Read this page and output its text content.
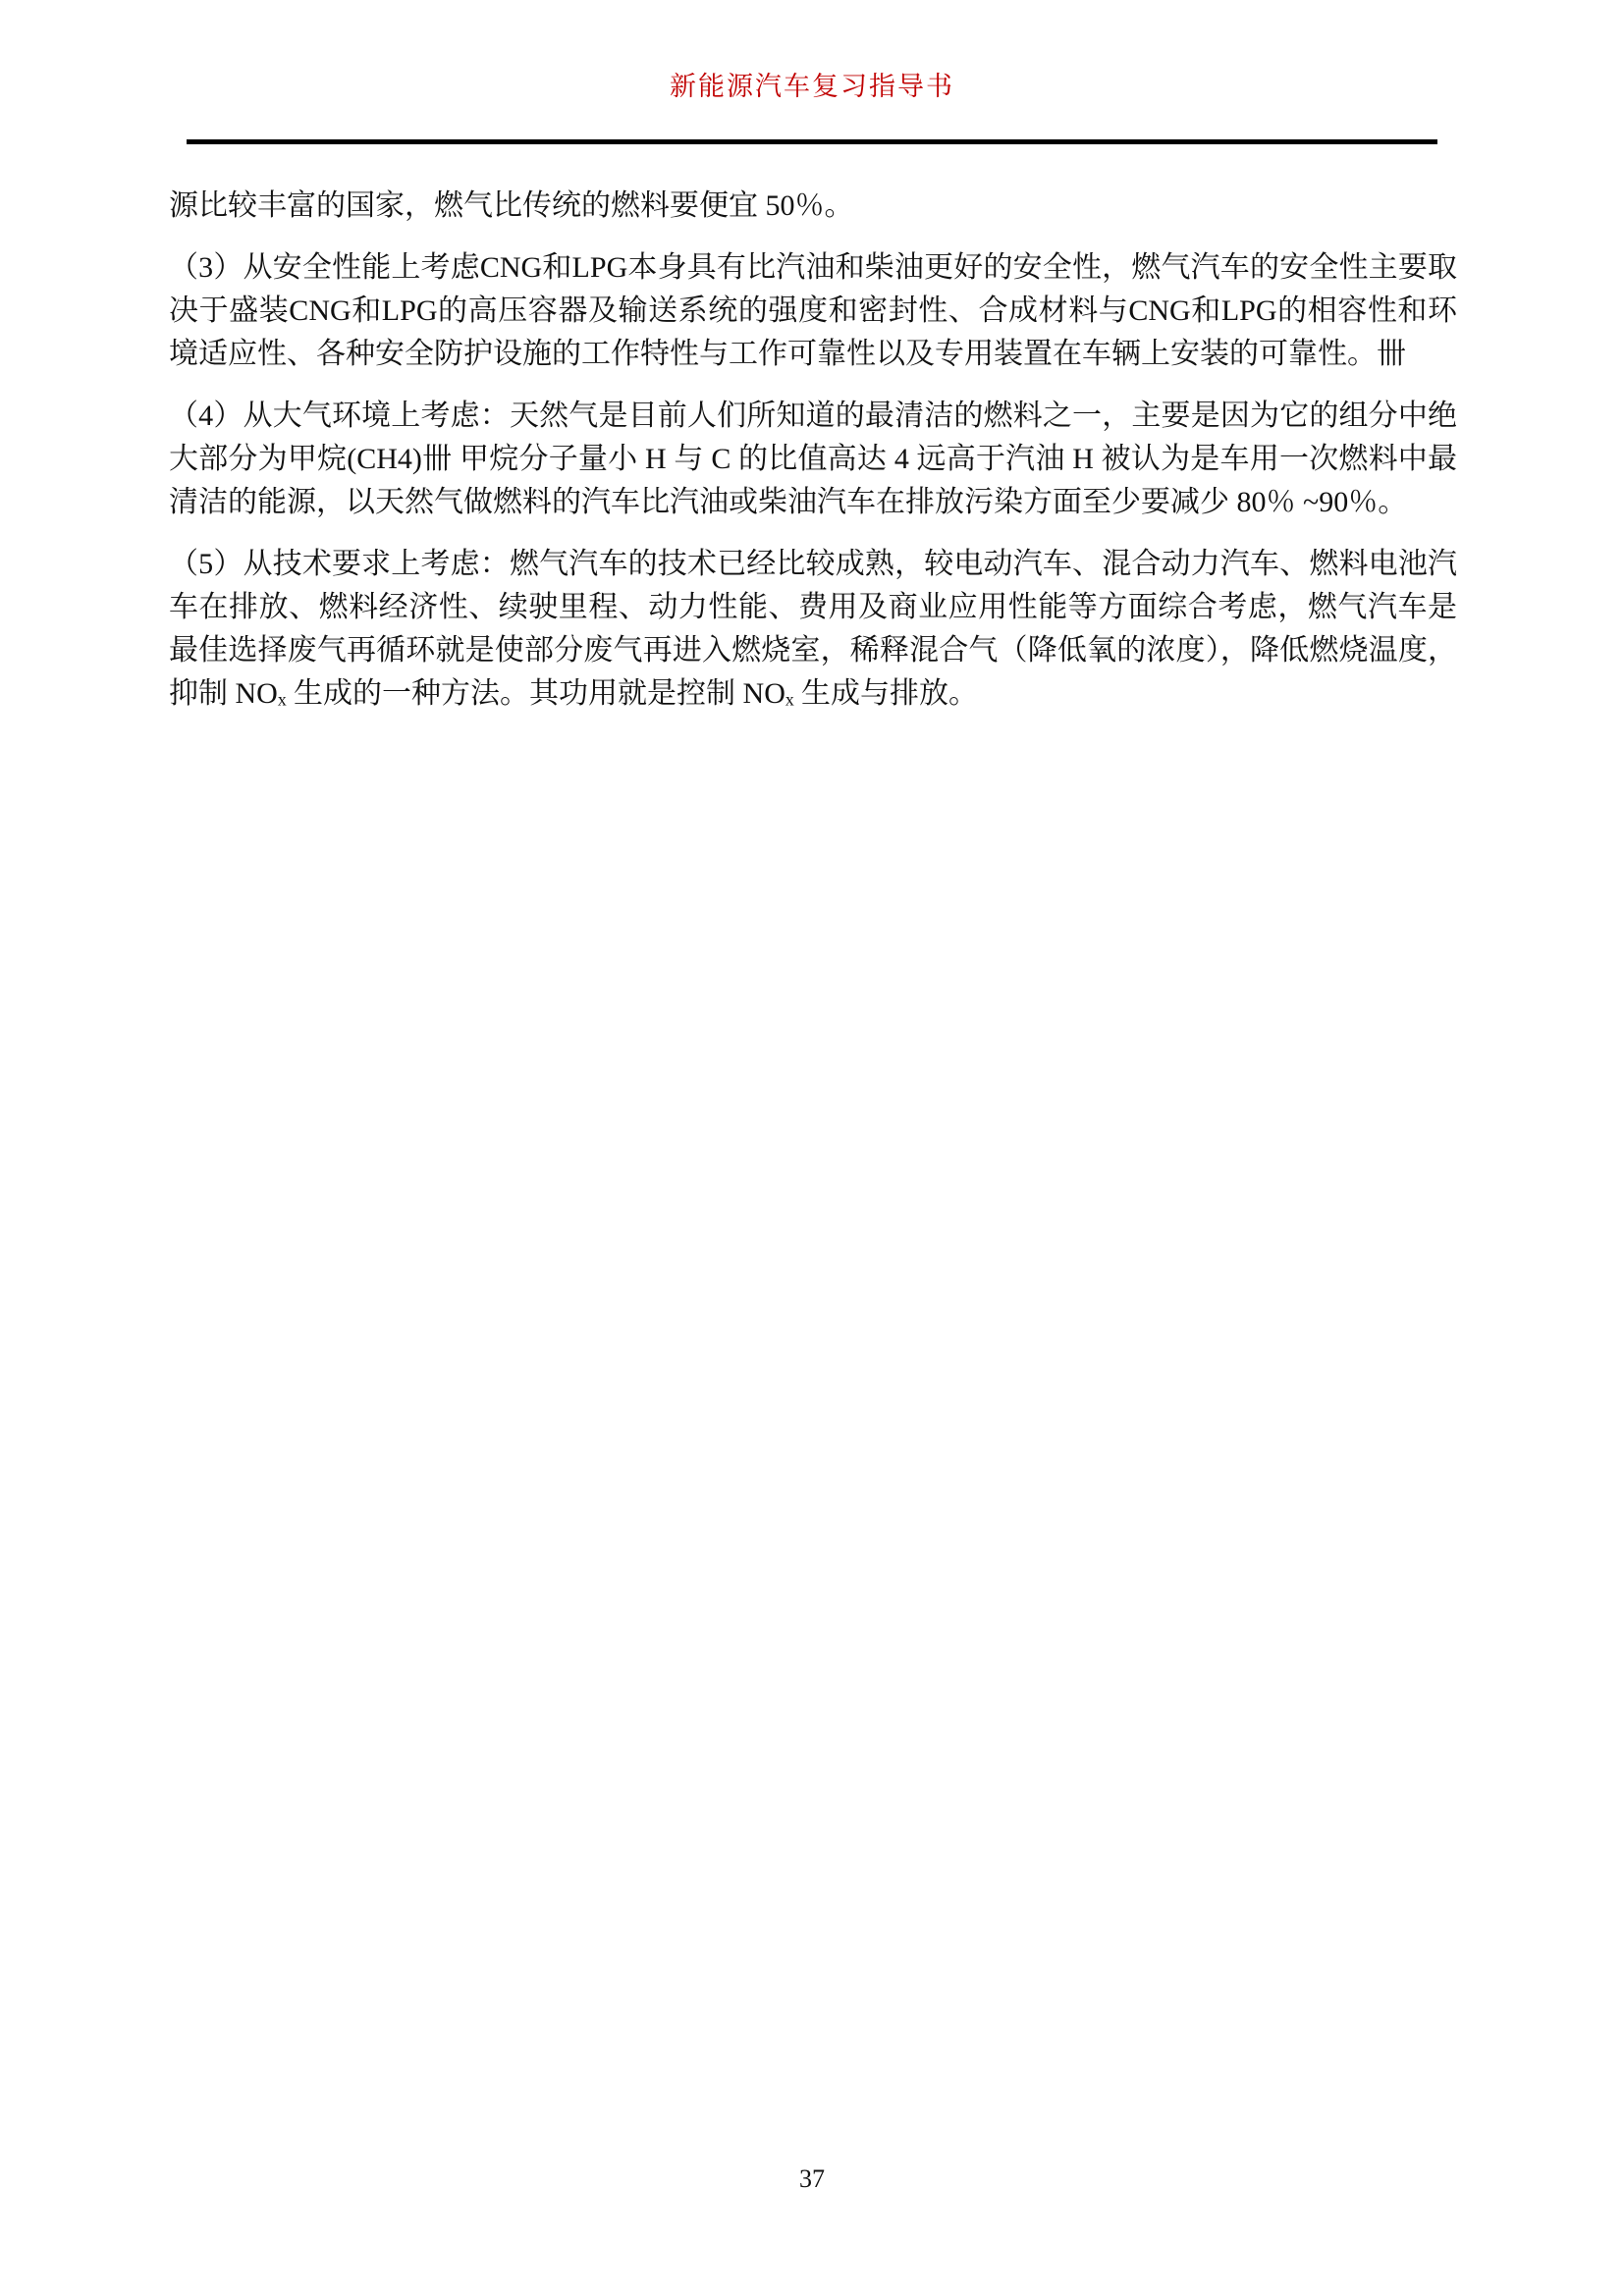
新能源汽车复习指导书

源比较丰富的国家，燃气比传统的燃料要便宜 50％。

（3）从安全性能上考虑CNG和LPG本身具有比汽油和柴油更好的安全性，燃气汽车的安全性主要取决于盛装CNG和LPG的高压容器及输送系统的强度和密封性、合成材料与CNG和LPG的相容性和环境适应性、各种安全防护设施的工作特性与工作可靠性以及专用装置在车辆上安装的可靠性。卌

（4）从大气环境上考虑：天然气是目前人们所知道的最清洁的燃料之一，主要是因为它的组分中绝大部分为甲烷(CH4)卌 甲烷分子量小 H 与 C 的比值高达 4 远高于汽油 H 被认为是车用一次燃料中最清洁的能源，以天然气做燃料的汽车比汽油或柴油汽车在排放污染方面至少要减少 80％ ~90％。

（5）从技术要求上考虑：燃气汽车的技术已经比较成熟，较电动汽车、混合动力汽车、燃料电池汽车在排放、燃料经济性、续驶里程、动力性能、费用及商业应用性能等方面综合考虑，燃气汽车是最佳选择废气再循环就是使部分废气再进入燃烧室，稀释混合气（降低氧的浓度），降低燃烧温度，抑制 NOₓ 生成的一种方法。其功用就是控制 NOₓ 生成与排放。

37
